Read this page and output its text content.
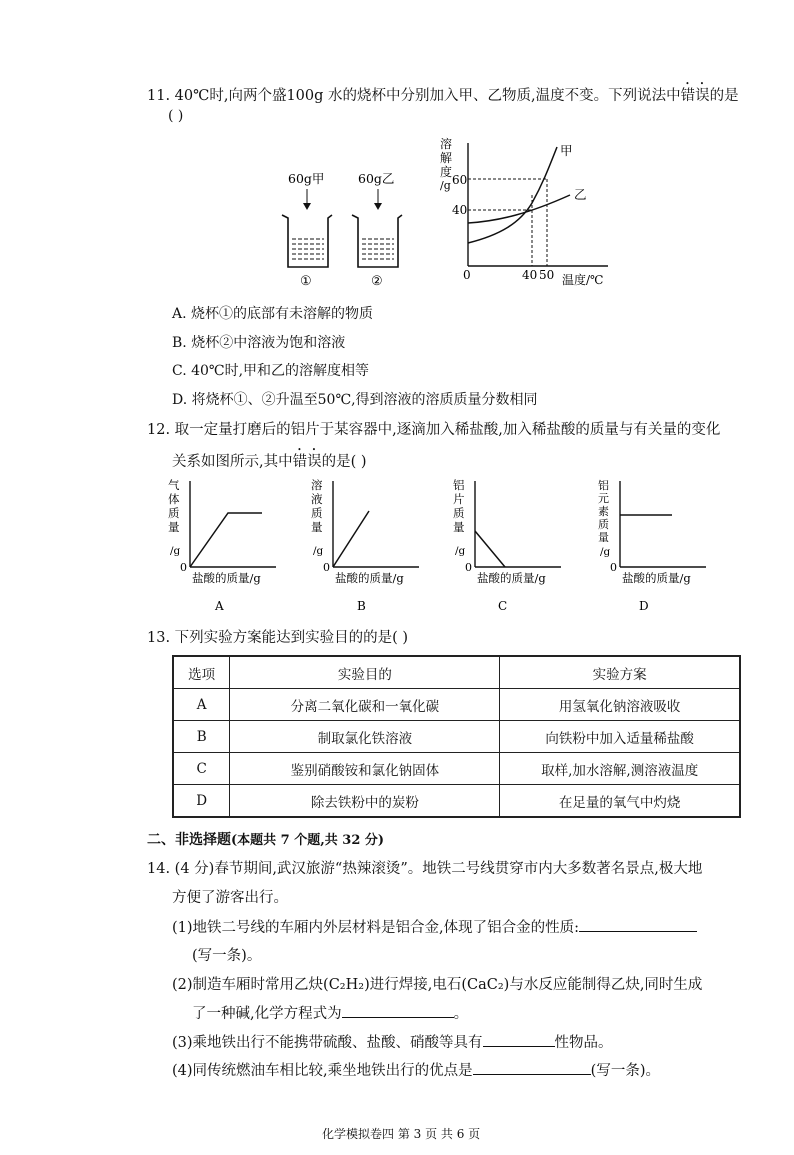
11. 40℃时,向两个盛100g 水的烧杯中分别加入甲、乙物质,温度不变。下列说法中错误的是
( )
60g甲	60g乙
①	②
溶
解
度
/g 60
40
0	40 50 温度/℃
甲
乙
A. 烧杯①的底部有未溶解的物质
B. 烧杯②中溶液为饱和溶液
C. 40℃时,甲和乙的溶解度相等
D. 将烧杯①、②升温至50℃,得到溶液的溶质质量分数相同
12. 取一定量打磨后的铝片于某容器中,逐滴加入稀盐酸,加入稀盐酸的质量与有关量的变化
关系如图所示,其中错误的是( )
气
体
质
量
/g
0
盐酸的质量/g
A
溶
液
质
量
/g
0
盐酸的质量/g
B
铝
片
质
量
/g
0
盐酸的质量/g
C
铝
元
素
质
量
/g
0
盐酸的质量/g
D
13. 下列实验方案能达到实验目的的是( )
选项	实验目的	实验方案
A	分离二氧化碳和一氧化碳	用氢氧化钠溶液吸收
B	制取氯化铁溶液	向铁粉中加入适量稀盐酸
C	鉴别硝酸铵和氯化钠固体	取样,加水溶解,测溶液温度
D	除去铁粉中的炭粉	在足量的氧气中灼烧
二、非选择题(本题共 7 个题,共 32 分)
14. (4 分)春节期间,武汉旅游“热辣滚烫”。地铁二号线贯穿市内大多数著名景点,极大地
方便了游客出行。
(1)地铁二号线的车厢内外层材料是铝合金,体现了铝合金的性质:
(写一条)。
(2)制造车厢时常用乙炔(C₂H₂)进行焊接,电石(CaC₂)与水反应能制得乙炔,同时生成
了一种碱,化学方程式为	。
(3)乘地铁出行不能携带硫酸、盐酸、硝酸等具有	性物品。
(4)同传统燃油车相比较,乘坐地铁出行的优点是	(写一条)。
化学模拟卷四 第 3 页 共 6 页
